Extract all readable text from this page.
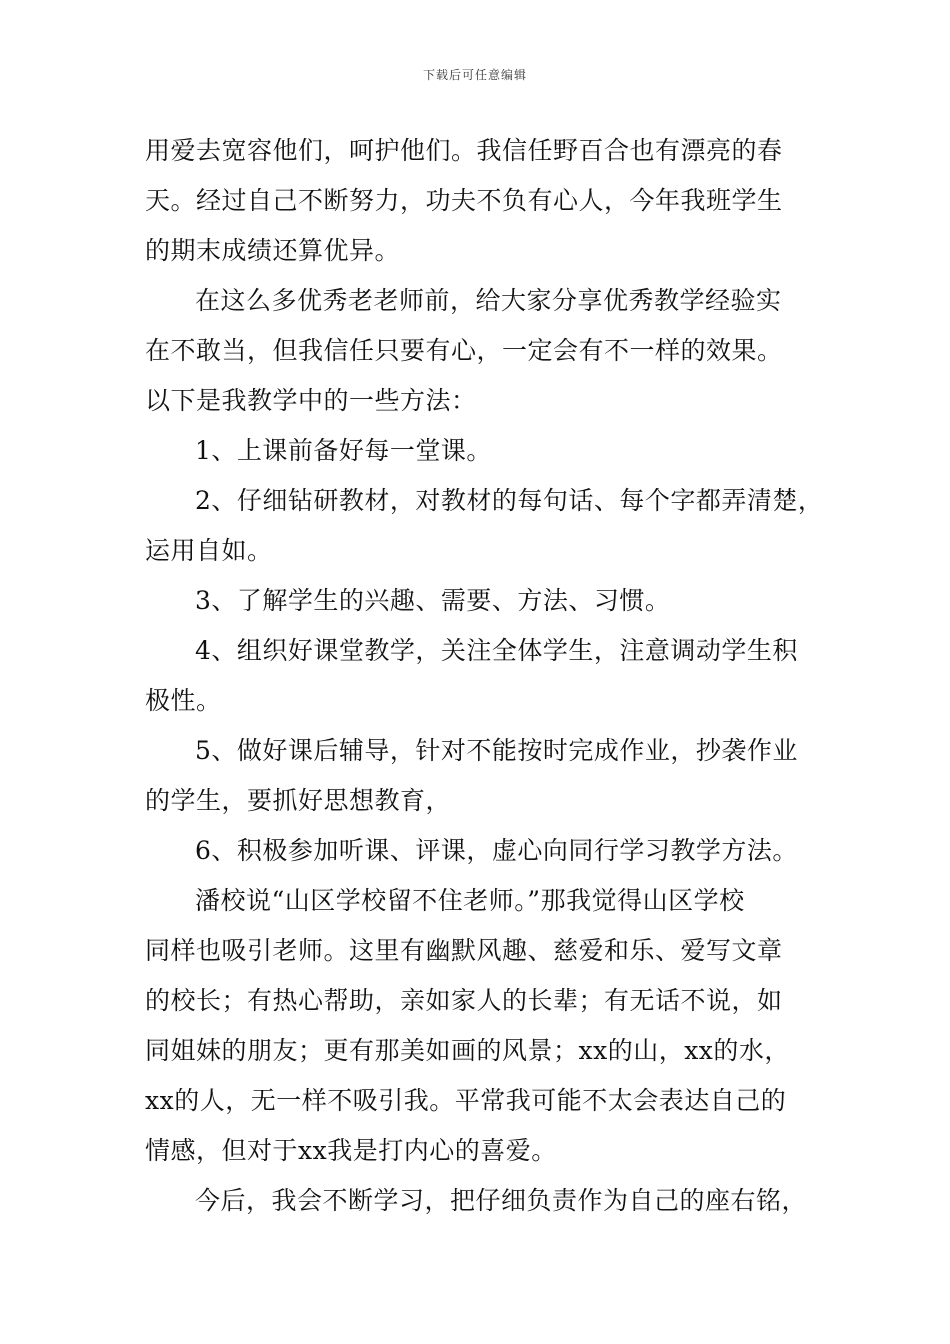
下载后可任意编辑
用爱去宽容他们，呵护他们。我信任野百合也有漂亮的春
天。经过自己不断努力，功夫不负有心人，今年我班学生
的期末成绩还算优异。
在这么多优秀老老师前，给大家分享优秀教学经验实
在不敢当，但我信任只要有心，一定会有不一样的效果。
以下是我教学中的一些方法：
1、上课前备好每一堂课。
2、仔细钻研教材，对教材的每句话、每个字都弄清楚，
运用自如。
3、了解学生的兴趣、需要、方法、习惯。
4、组织好课堂教学，关注全体学生，注意调动学生积
极性。
5、做好课后辅导，针对不能按时完成作业，抄袭作业
的学生，要抓好思想教育，
6、积极参加听课、评课，虚心向同行学习教学方法。
潘校说“山区学校留不住老师。”那我觉得山区学校
同样也吸引老师。这里有幽默风趣、慈爱和乐、爱写文章
的校长；有热心帮助，亲如家人的长辈；有无话不说，如
同姐妹的朋友；更有那美如画的风景；xx的山，xx的水，
xx的人，无一样不吸引我。平常我可能不太会表达自己的
情感，但对于xx我是打内心的喜爱。
今后，我会不断学习，把仔细负责作为自己的座右铭，
